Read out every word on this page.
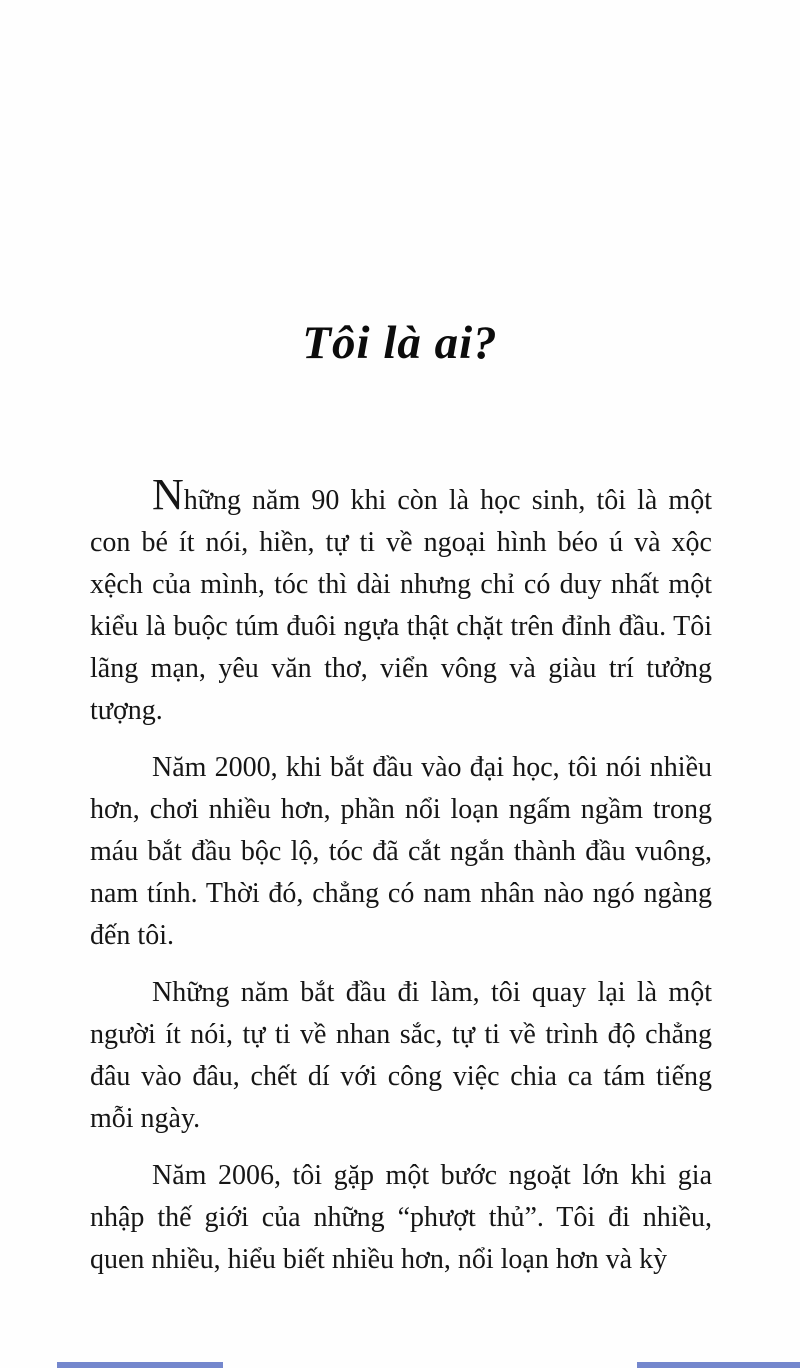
Tôi là ai?

Những năm 90 khi còn là học sinh, tôi là một con bé ít nói, hiền, tự ti về ngoại hình béo ú và xộc xệch của mình, tóc thì dài nhưng chỉ có duy nhất một kiểu là buộc túm đuôi ngựa thật chặt trên đỉnh đầu. Tôi lãng mạn, yêu văn thơ, viển vông và giàu trí tưởng tượng.

Năm 2000, khi bắt đầu vào đại học, tôi nói nhiều hơn, chơi nhiều hơn, phần nổi loạn ngấm ngầm trong máu bắt đầu bộc lộ, tóc đã cắt ngắn thành đầu vuông, nam tính. Thời đó, chẳng có nam nhân nào ngó ngàng đến tôi.

Những năm bắt đầu đi làm, tôi quay lại là một người ít nói, tự ti về nhan sắc, tự ti về trình độ chẳng đâu vào đâu, chết dí với công việc chia ca tám tiếng mỗi ngày.

Năm 2006, tôi gặp một bước ngoặt lớn khi gia nhập thế giới của những “phượt thủ”. Tôi đi nhiều, quen nhiều, hiểu biết nhiều hơn, nổi loạn hơn và kỳ
